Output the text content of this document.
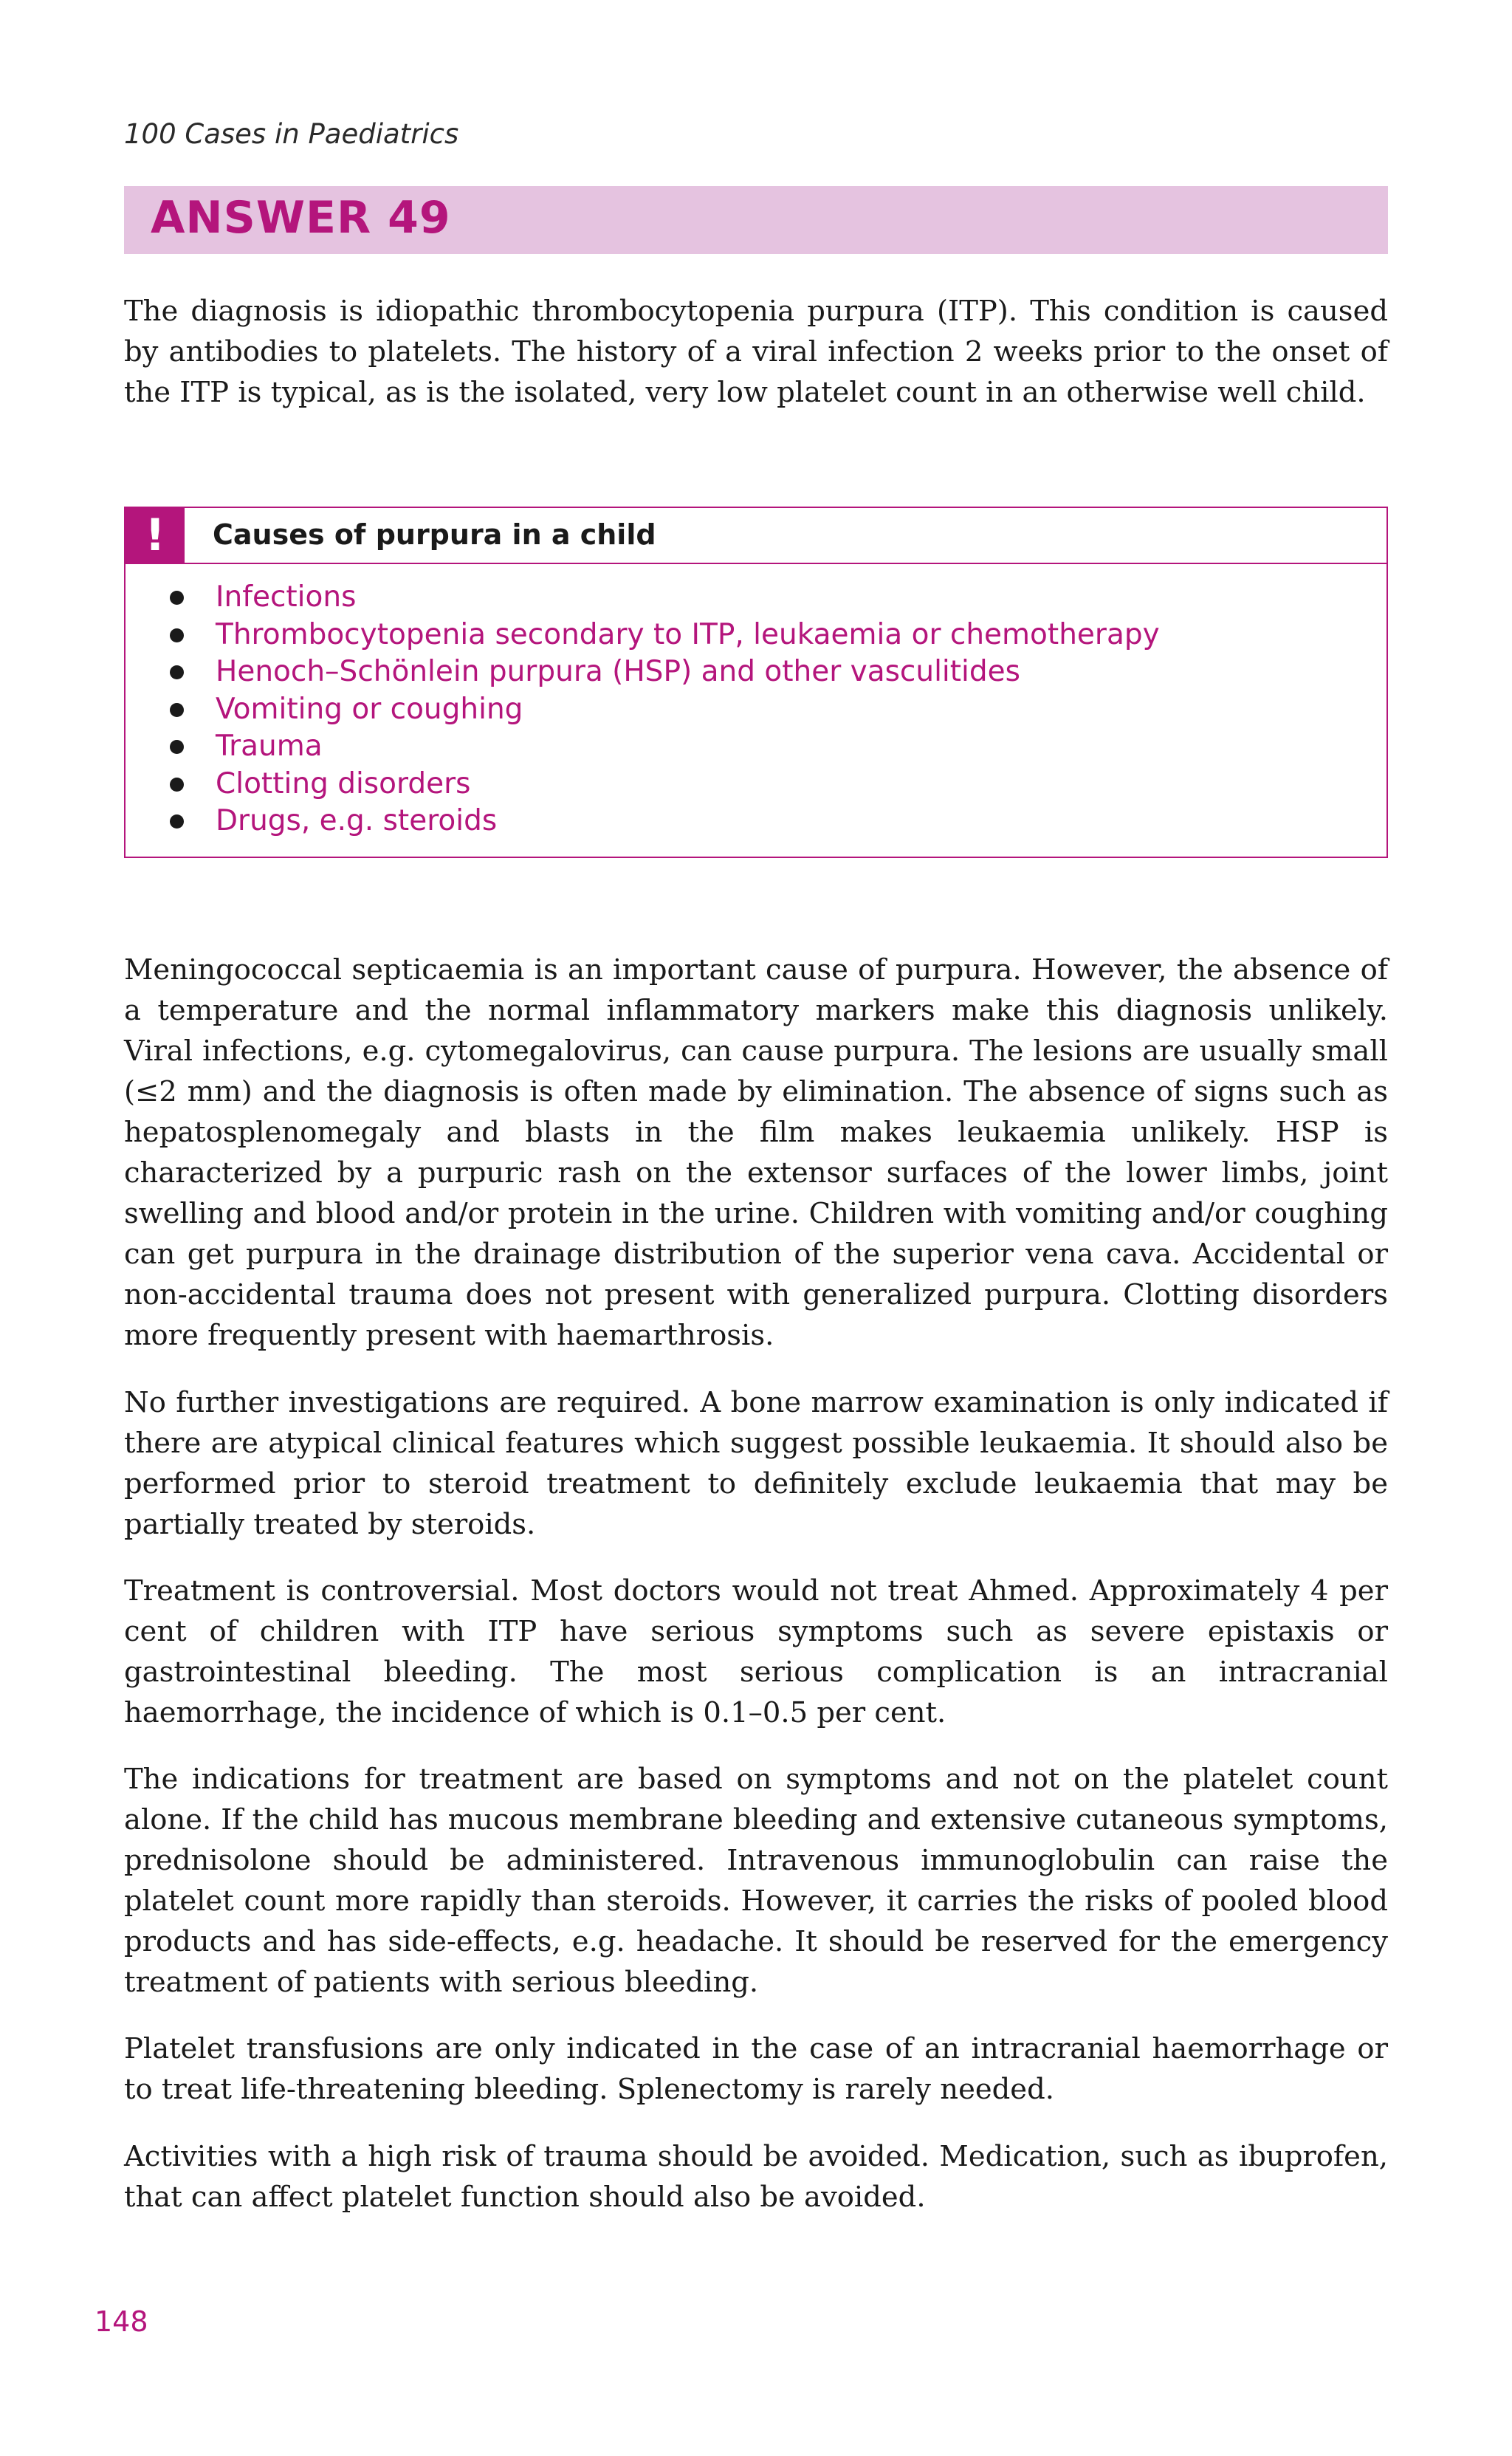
100 Cases in Paediatrics
ANSWER 49

The diagnosis is idiopathic thrombocytopenia purpura (ITP). This condition is caused by antibodies to platelets. The history of a viral infection 2 weeks prior to the onset of the ITP is typical, as is the isolated, very low platelet count in an otherwise well child.

!	Causes of purpura in a child
Infections
Thrombocytopenia secondary to ITP, leukaemia or chemotherapy
Henoch–Schönlein purpura (HSP) and other vasculitides
Vomiting or coughing
Trauma
Clotting disorders
Drugs, e.g. steroids

Meningococcal septicaemia is an important cause of purpura. However, the absence of a temperature and the normal inflammatory markers make this diagnosis unlikely. Viral infections, e.g. cytomegalovirus, can cause purpura. The lesions are usually small (≤2 mm) and the diagnosis is often made by elimination. The absence of signs such as hepatosplenomegaly and blasts in the film makes leukaemia unlikely. HSP is characterized by a purpuric rash on the extensor surfaces of the lower limbs, joint swelling and blood and/or protein in the urine. Children with vomiting and/or coughing can get purpura in the drainage distribution of the superior vena cava. Accidental or non-accidental trauma does not present with generalized purpura. Clotting disorders more frequently present with haemarthrosis.

No further investigations are required. A bone marrow examination is only indicated if there are atypical clinical features which suggest possible leukaemia. It should also be performed prior to steroid treatment to definitely exclude leukaemia that may be partially treated by steroids.

Treatment is controversial. Most doctors would not treat Ahmed. Approximately 4 per cent of children with ITP have serious symptoms such as severe epistaxis or gastrointestinal bleeding. The most serious complication is an intracranial haemorrhage, the incidence of which is 0.1–0.5 per cent.

The indications for treatment are based on symptoms and not on the platelet count alone. If the child has mucous membrane bleeding and extensive cutaneous symptoms, prednisolone should be administered. Intravenous immunoglobulin can raise the platelet count more rapidly than steroids. However, it carries the risks of pooled blood products and has side-effects, e.g. headache. It should be reserved for the emergency treatment of patients with serious bleeding.

Platelet transfusions are only indicated in the case of an intracranial haemorrhage or to treat life-threatening bleeding. Splenectomy is rarely needed.

Activities with a high risk of trauma should be avoided. Medication, such as ibuprofen, that can affect platelet function should also be avoided.

148
